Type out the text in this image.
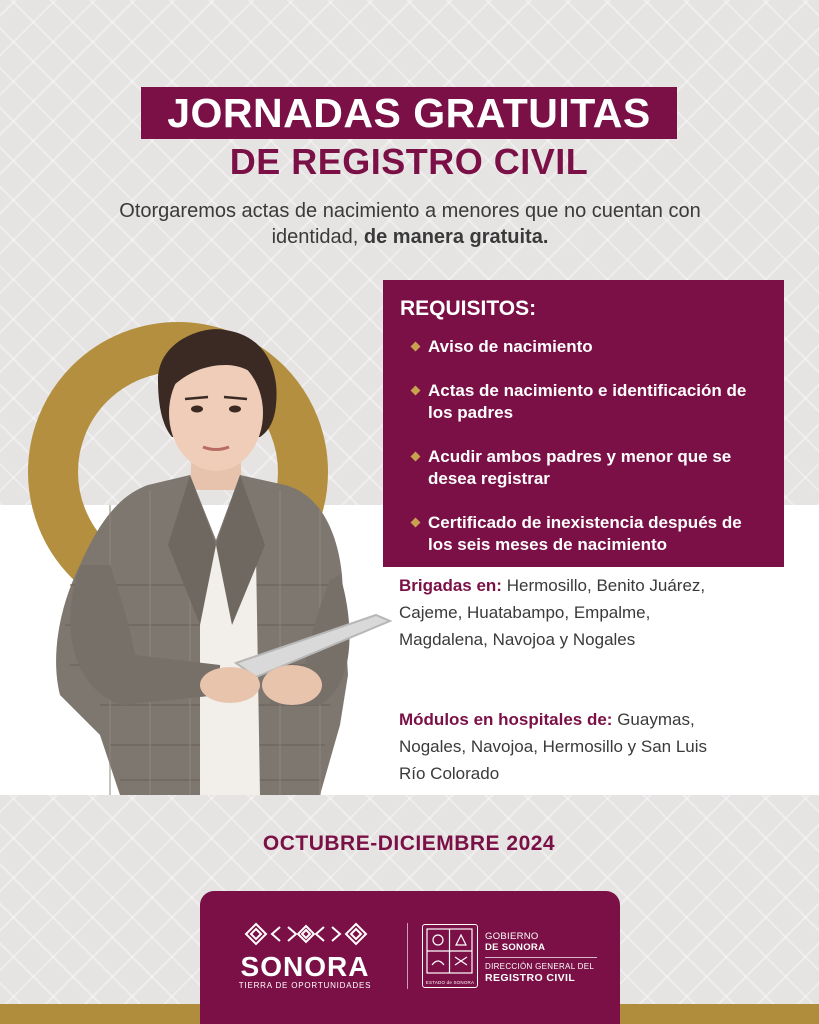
JORNADAS GRATUITAS
DE REGISTRO CIVIL

Otorgaremos actas de nacimiento a menores que no cuentan con identidad, de manera gratuita.

REQUISITOS:
Aviso de nacimiento
Actas de nacimiento e identificación de los padres
Acudir ambos padres y menor que se desea registrar
Certificado de inexistencia después de los seis meses de nacimiento

Brigadas en: Hermosillo, Benito Juárez, Cajeme, Huatabampo, Empalme, Magdalena, Navojoa y Nogales

Módulos en hospitales de: Guaymas, Nogales, Navojoa, Hermosillo y San Luis Río Colorado

OCTUBRE-DICIEMBRE 2024
SONORA
TIERRA DE OPORTUNIDADES	ESTADO de SONORA
GOBIERNO
DE SONORA
DIRECCIÓN GENERAL DEL
REGISTRO CIVIL
